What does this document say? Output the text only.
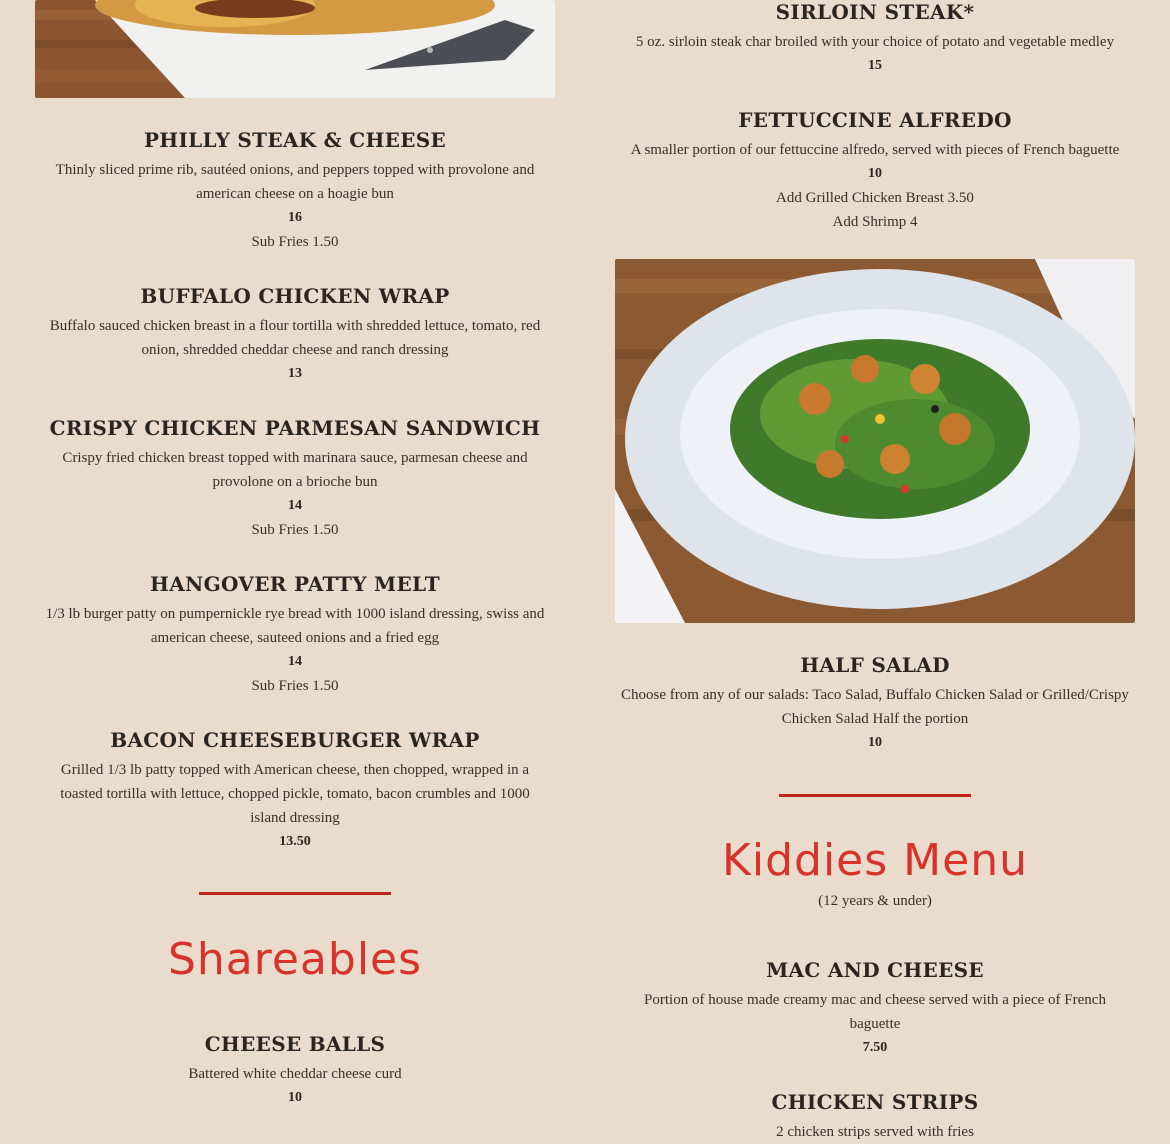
PHILLY STEAK & CHEESE

Thinly sliced prime rib, sautéed onions, and peppers topped with provolone and american cheese on a hoagie bun

16

Sub Fries 1.50

BUFFALO CHICKEN WRAP

Buffalo sauced chicken breast in a flour tortilla with shredded lettuce, tomato, red onion, shredded cheddar cheese and ranch dressing

13

CRISPY CHICKEN PARMESAN SANDWICH

Crispy fried chicken breast topped with marinara sauce, parmesan cheese and provolone on a brioche bun

14

Sub Fries 1.50

HANGOVER PATTY MELT

1/3 lb burger patty on pumpernickle rye bread with 1000 island dressing, swiss and american cheese, sauteed onions and a fried egg

14

Sub Fries 1.50

BACON CHEESEBURGER WRAP

Grilled 1/3 lb patty topped with American cheese, then chopped, wrapped in a toasted tortilla with lettuce, chopped pickle, tomato, bacon crumbles and 1000 island dressing

13.50

Shareables
CHEESE BALLS

Battered white cheddar cheese curd

10

SIRLOIN STEAK*

5 oz. sirloin steak char broiled with your choice of potato and vegetable medley

15

FETTUCCINE ALFREDO

A smaller portion of our fettuccine alfredo, served with pieces of French baguette

10

Add Grilled Chicken Breast 3.50

Add Shrimp 4

HALF SALAD

Choose from any of our salads: Taco Salad, Buffalo Chicken Salad or Grilled/Crispy Chicken Salad Half the portion

10

Kiddies Menu
(12 years & under)
MAC AND CHEESE

Portion of house made creamy mac and cheese served with a piece of French baguette

7.50

CHICKEN STRIPS

2 chicken strips served with fries
